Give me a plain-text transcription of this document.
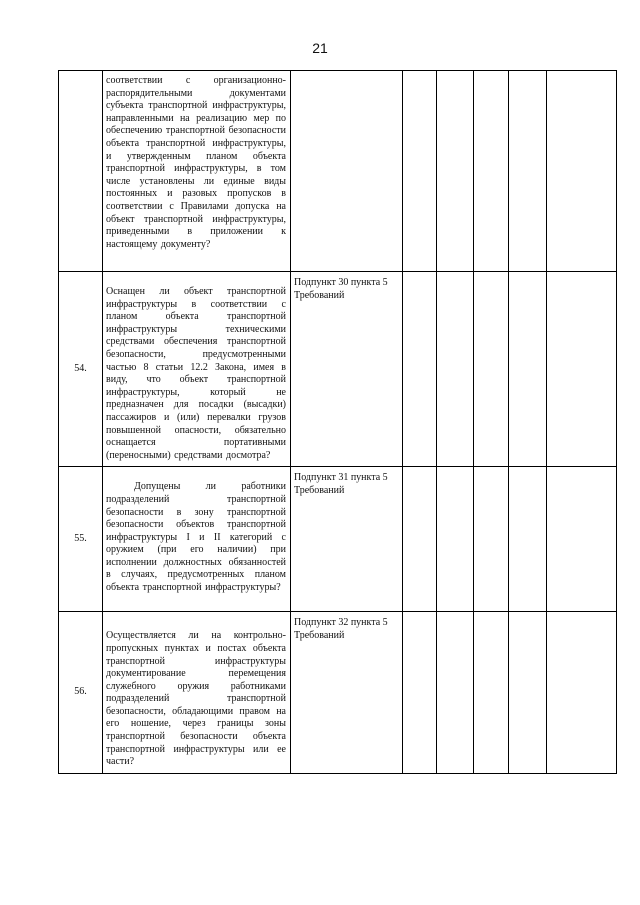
21

	соответствии с организационно-распорядительными документами субъекта транспортной инфраструктуры, направленными на реализацию мер по обеспечению транспортной безопасности объекта транспортной инфраструктуры, и утвержденным планом объекта транспортной инфраструктуры, в том числе установлены ли единые виды постоянных и разовых пропусков в соответствии с Правилами допуска на объект транспортной инфраструктуры, приведенными в приложении к настоящему документу?						

54.	Оснащен ли объект транспортной инфраструктуры в соответствии с планом объекта транспортной инфраструктуры техническими средствами обеспечения транспортной безопасности, предусмотренными частью 8 статьи 12.2 Закона, имея в виду, что объект транспортной инфраструктуры, который не предназначен для посадки (высадки) пассажиров и (или) перевалки грузов повышенной опасности, обязательно оснащается портативными (переносными) средствами досмотра?	Подпункт 30 пункта 5 Требований					
55.	Допущены ли работники подразделений транспортной безопасности в зону транспортной безопасности объектов транспортной инфраструктуры I и II категорий с оружием (при его наличии) при исполнении должностных обязанностей в случаях, предусмотренных планом объекта транспортной инфраструктуры?	Подпункт 31 пункта 5 Требований					
56.	Осуществляется ли на контрольно-пропускных пунктах и постах объекта транспортной инфраструктуры документирование перемещения служебного оружия работниками подразделений транспортной безопасности, обладающими правом на его ношение, через границы зоны транспортной безопасности объекта транспортной инфраструктуры или ее части?	Подпункт 32 пункта 5 Требований					
